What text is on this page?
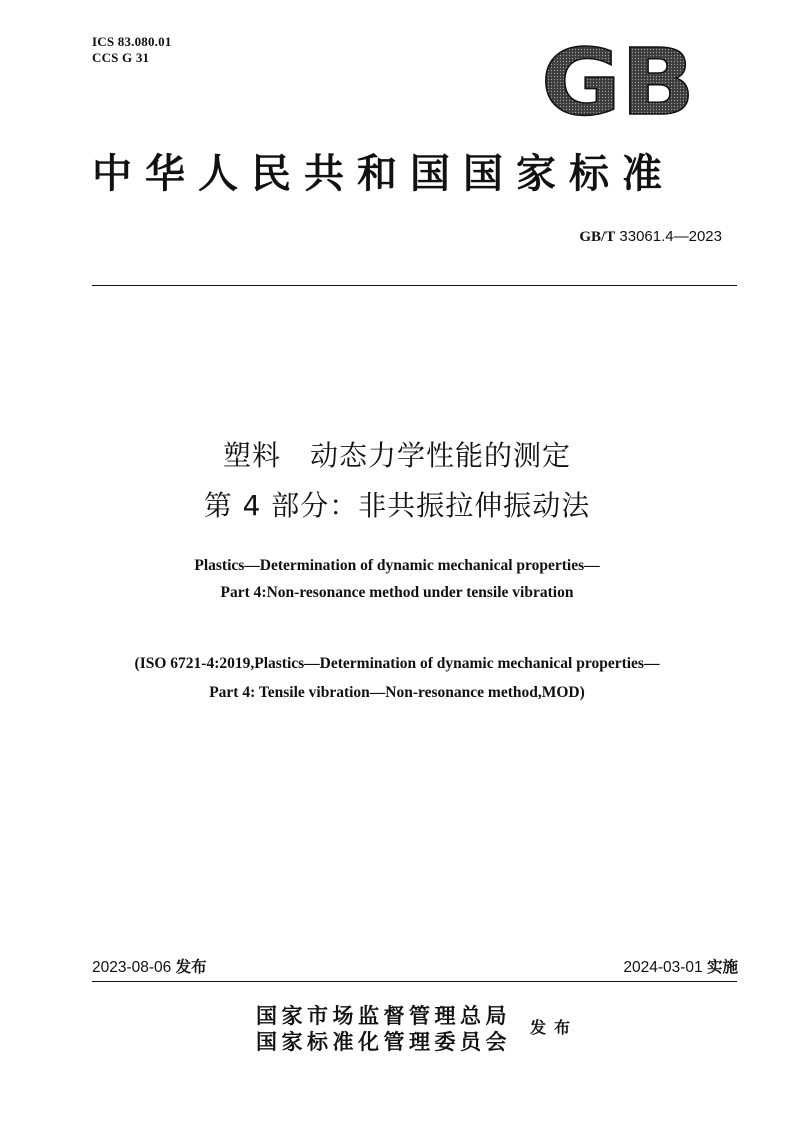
ICS 83.080.01
CCS G 31	GB
中华人民共和国国家标准
GB/T 33061.4—2023
塑料　动态力学性能的测定
第 4 部分：非共振拉伸振动法
Plastics—Determination of dynamic mechanical properties—
Part 4:Non-resonance method under tensile vibration
(ISO 6721-4:2019,Plastics—Determination of dynamic mechanical properties—
Part 4: Tensile vibration—Non-resonance method,MOD)
2023-08-06 发布	2024-03-01 实施
国家市场监督管理总局
国家标准化管理委员会
发布
